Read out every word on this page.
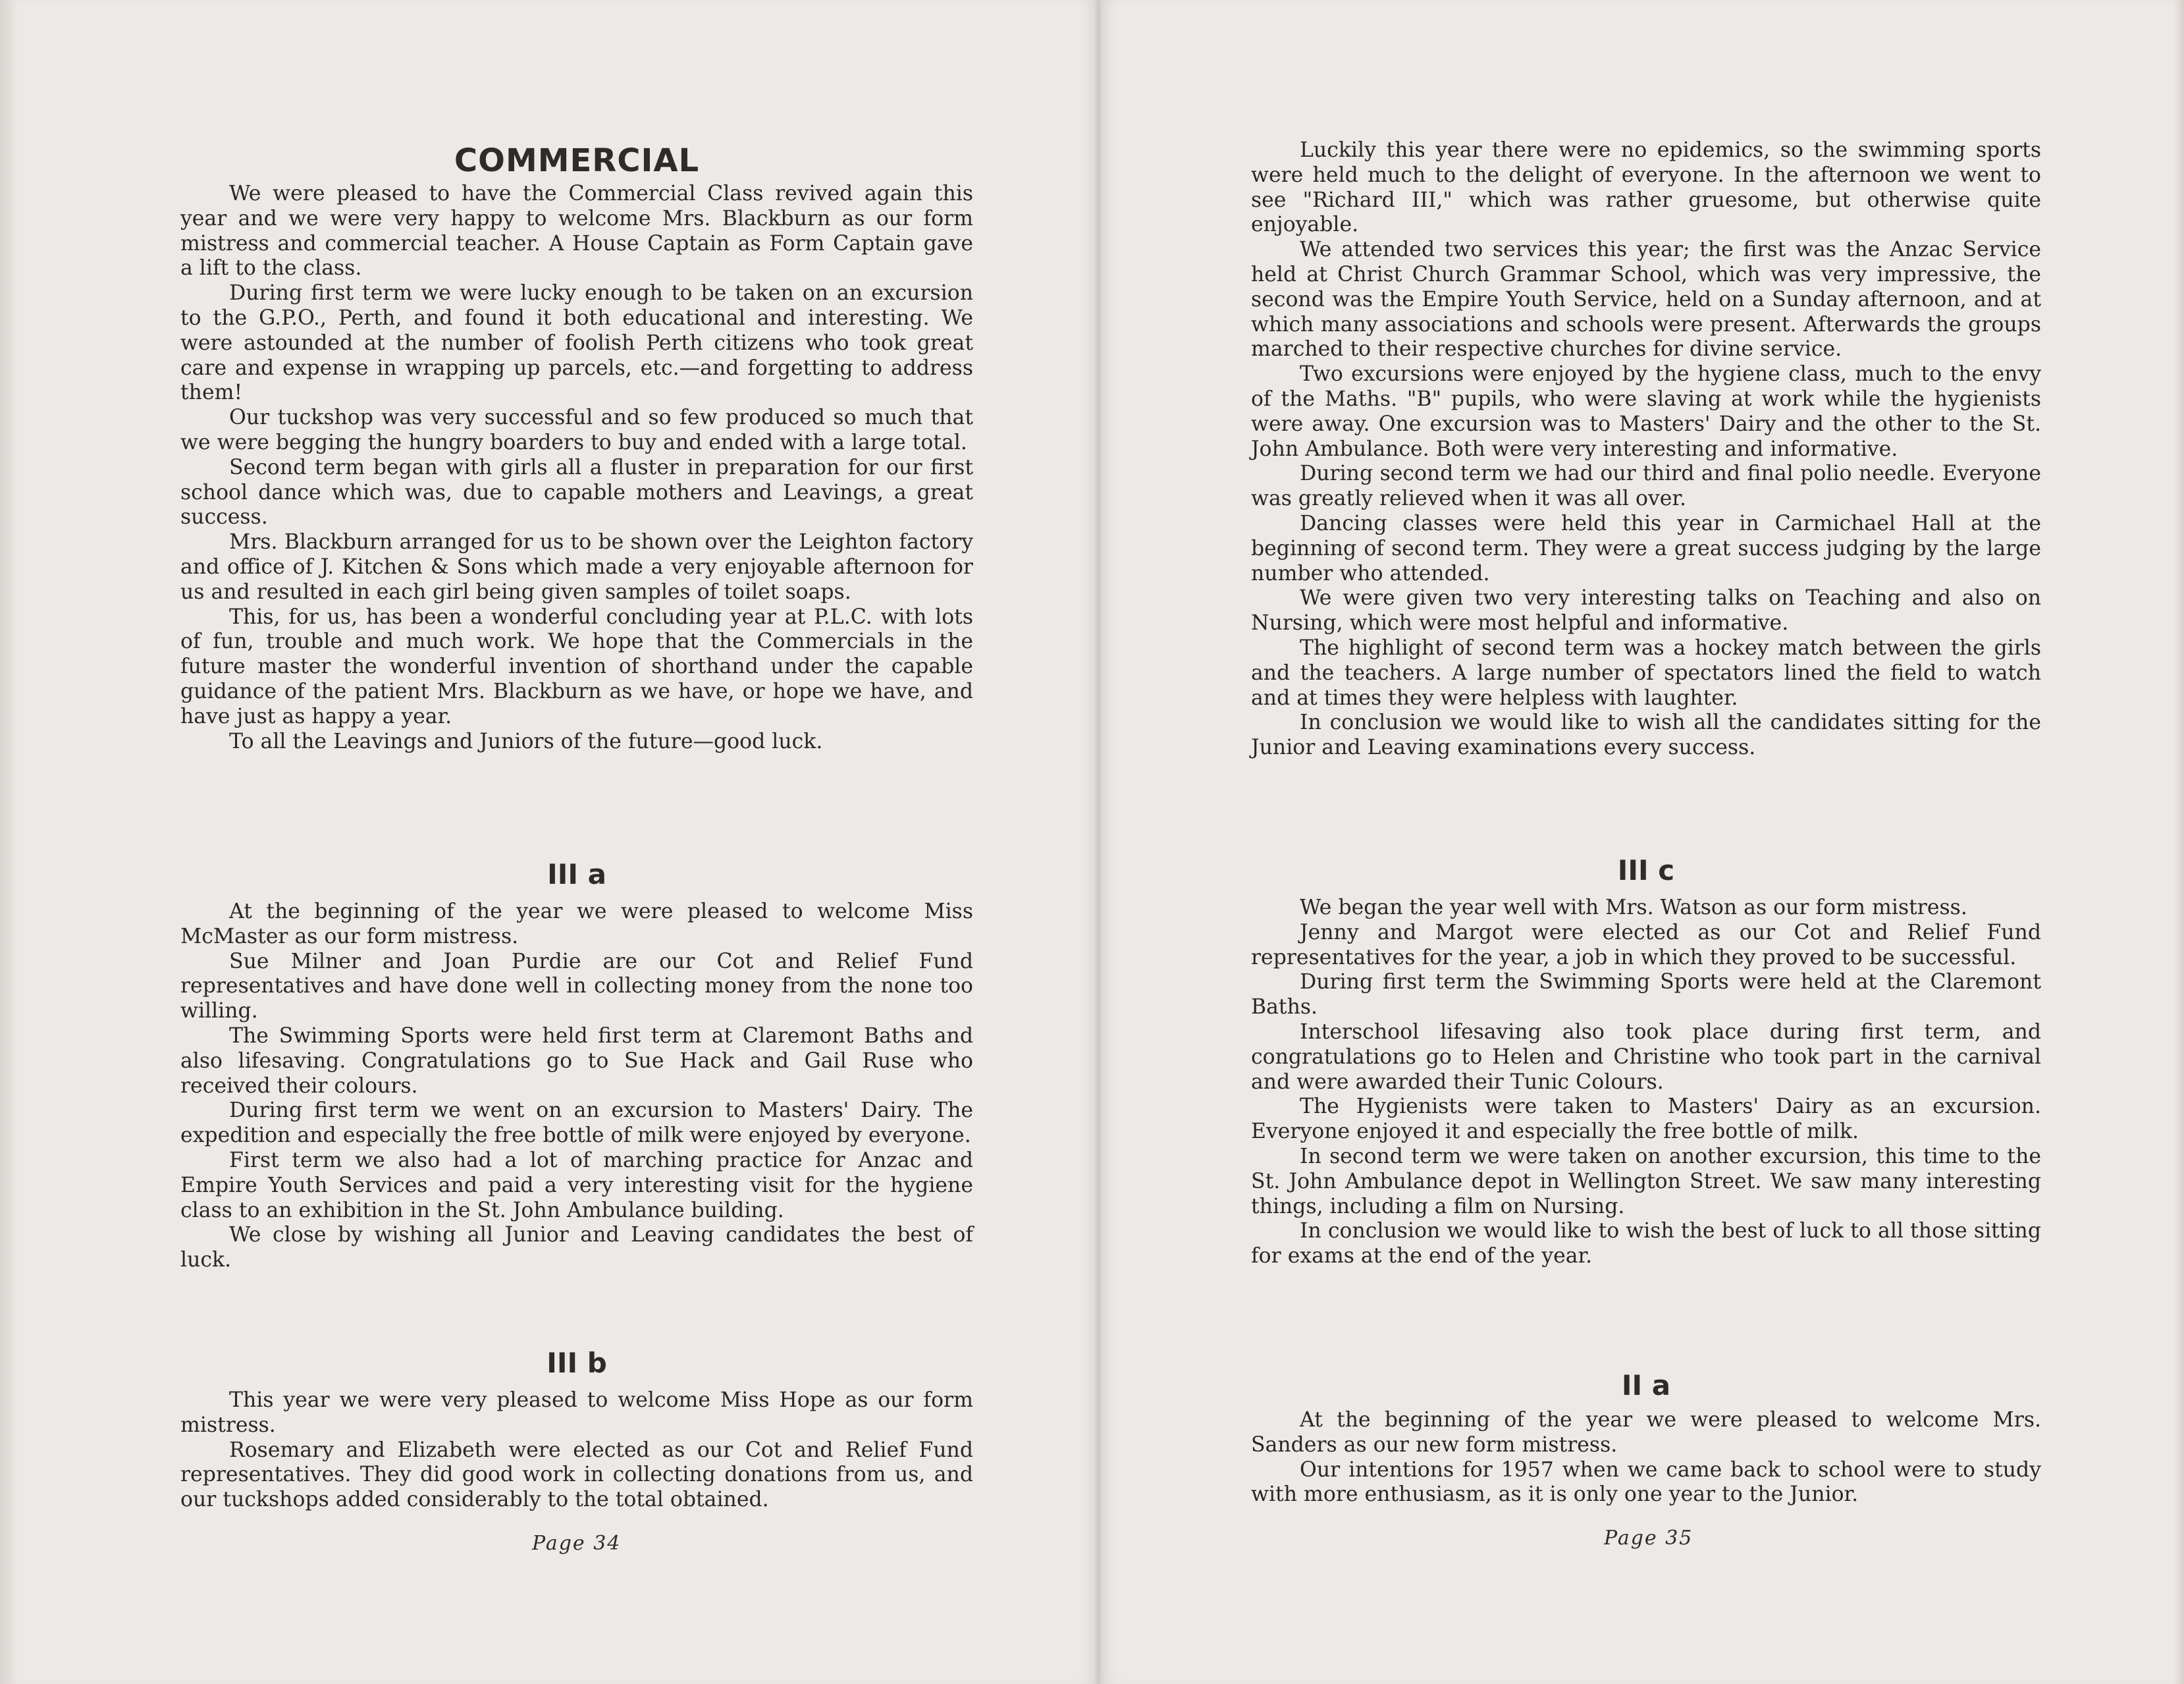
COMMERCIAL

We were pleased to have the Commercial Class revived again this year and we were very happy to welcome Mrs. Blackburn as our form mistress and commercial teacher. A House Captain as Form Captain gave a lift to the class.

During first term we were lucky enough to be taken on an excursion to the G.P.O., Perth, and found it both educational and interesting. We were astounded at the number of foolish Perth citizens who took great care and expense in wrapping up parcels, etc.—and forgetting to address them!

Our tuckshop was very successful and so few produced so much that we were begging the hungry boarders to buy and ended with a large total.

Second term began with girls all a fluster in preparation for our first school dance which was, due to capable mothers and Leavings, a great success.

Mrs. Blackburn arranged for us to be shown over the Leighton factory and office of J. Kitchen & Sons which made a very enjoyable afternoon for us and resulted in each girl being given samples of toilet soaps.

This, for us, has been a wonderful concluding year at P.L.C. with lots of fun, trouble and much work. We hope that the Commercials in the future master the wonderful invention of shorthand under the capable guidance of the patient Mrs. Blackburn as we have, or hope we have, and have just as happy a year.

To all the Leavings and Juniors of the future—good luck.

III a

At the beginning of the year we were pleased to welcome Miss McMaster as our form mistress.

Sue Milner and Joan Purdie are our Cot and Relief Fund representatives and have done well in collecting money from the none too willing.

The Swimming Sports were held first term at Claremont Baths and also lifesaving. Congratulations go to Sue Hack and Gail Ruse who received their colours.

During first term we went on an excursion to Masters' Dairy. The expedition and especially the free bottle of milk were enjoyed by everyone.

First term we also had a lot of marching practice for Anzac and Empire Youth Services and paid a very interesting visit for the hygiene class to an exhibition in the St. John Ambulance building.

We close by wishing all Junior and Leaving candidates the best of luck.

III b

This year we were very pleased to welcome Miss Hope as our form mistress.

Rosemary and Elizabeth were elected as our Cot and Relief Fund representatives. They did good work in collecting donations from us, and our tuckshops added considerably to the total obtained.

Page 34

Luckily this year there were no epidemics, so the swimming sports were held much to the delight of everyone. In the afternoon we went to see "Richard III," which was rather gruesome, but otherwise quite enjoyable.

We attended two services this year; the first was the Anzac Service held at Christ Church Grammar School, which was very impressive, the second was the Empire Youth Service, held on a Sunday afternoon, and at which many associations and schools were present. Afterwards the groups marched to their respective churches for divine service.

Two excursions were enjoyed by the hygiene class, much to the envy of the Maths. "B" pupils, who were slaving at work while the hygienists were away. One excursion was to Masters' Dairy and the other to the St. John Ambulance. Both were very interesting and informative.

During second term we had our third and final polio needle. Everyone was greatly relieved when it was all over.

Dancing classes were held this year in Carmichael Hall at the beginning of second term. They were a great success judging by the large number who attended.

We were given two very interesting talks on Teaching and also on Nursing, which were most helpful and informative.

The highlight of second term was a hockey match between the girls and the teachers. A large number of spectators lined the field to watch and at times they were helpless with laughter.

In conclusion we would like to wish all the candidates sitting for the Junior and Leaving examinations every success.

III c

We began the year well with Mrs. Watson as our form mistress.

Jenny and Margot were elected as our Cot and Relief Fund representatives for the year, a job in which they proved to be successful.

During first term the Swimming Sports were held at the Claremont Baths.

Interschool lifesaving also took place during first term, and congratulations go to Helen and Christine who took part in the carnival and were awarded their Tunic Colours.

The Hygienists were taken to Masters' Dairy as an excursion. Everyone enjoyed it and especially the free bottle of milk.

In second term we were taken on another excursion, this time to the St. John Ambulance depot in Wellington Street. We saw many interesting things, including a film on Nursing.

In conclusion we would like to wish the best of luck to all those sitting for exams at the end of the year.

II a

At the beginning of the year we were pleased to welcome Mrs. Sanders as our new form mistress.

Our intentions for 1957 when we came back to school were to study with more enthusiasm, as it is only one year to the Junior.

Page 35
